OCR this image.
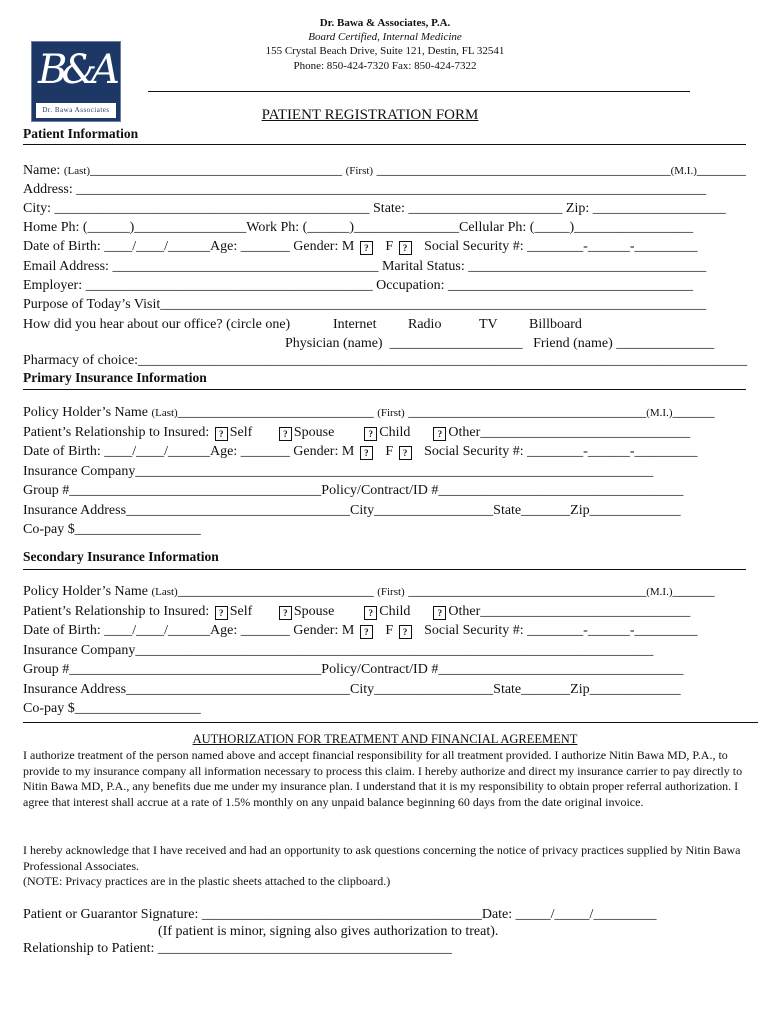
B&A
Dr. Bawa Associates
Dr. Bawa & Associates, P.A.
Board Certified, Internal Medicine
155 Crystal Beach Drive, Suite 121, Destin, FL 32541
Phone: 850-424-7320 Fax: 850-424-7322
PATIENT REGISTRATION FORM
Patient Information
Name: (Last)____________________________________ (First) __________________________________________(M.I.)_______
Address: __________________________________________________________________________________________
City: _____________________________________________ State: ______________________ Zip: ___________________
Home Ph: (______)________________Work Ph: (______)_______________Cellular Ph: (_____)_________________
Date of Birth: ____/____/______Age: _______ Gender: M ? F ? Social Security #: ________-______-_________
Email Address: ______________________________________ Marital Status: __________________________________
Employer: _________________________________________ Occupation: ___________________________________
Purpose of Today’s Visit______________________________________________________________________________
How did you hear about our office? (circle one)	Internet Radio	TV Billboard
Physician (name)  ___________________   Friend (name) ______________
Pharmacy of choice:_______________________________________________________________________________________
Primary Insurance Information
Policy Holder’s Name (Last)____________________________ (First) __________________________________(M.I.)______
Patient’s Relationship to Insured: ? Self	? Spouse	? Child	? Other______________________________
Date of Birth: ____/____/______Age: _______ Gender: M ? F ? Social Security #: ________-______-_________
Insurance Company__________________________________________________________________________
Group #____________________________________Policy/Contract/ID #___________________________________
Insurance Address________________________________City_________________State_______Zip_____________
Co-pay $__________________
Secondary Insurance Information
Policy Holder’s Name (Last)____________________________ (First) __________________________________(M.I.)______
Patient’s Relationship to Insured: ? Self	? Spouse	? Child	? Other______________________________
Date of Birth: ____/____/______Age: _______ Gender: M ? F ? Social Security #: ________-______-_________
Insurance Company__________________________________________________________________________
Group #____________________________________Policy/Contract/ID #___________________________________
Insurance Address________________________________City_________________State_______Zip_____________
Co-pay $__________________
AUTHORIZATION FOR TREATMENT AND FINANCIAL AGREEMENT
I authorize treatment of the person named above and accept financial responsibility for all treatment provided. I authorize Nitin Bawa MD, P.A., to provide to my insurance company all information necessary to process this claim. I hereby authorize and direct my insurance carrier to pay directly to Nitin Bawa MD, P.A., any benefits due me under my insurance plan. I understand that it is my responsibility to obtain proper referral authorization. I agree that interest shall accrue at a rate of 1.5% monthly on any unpaid balance beginning 60 days from the date original invoice.
I hereby acknowledge that I have received and had an opportunity to ask questions concerning the notice of privacy practices supplied by Nitin Bawa Professional Associates.
(NOTE: Privacy practices are in the plastic sheets attached to the clipboard.)
Patient or Guarantor Signature: ________________________________________Date: _____/_____/_________
(If patient is minor, signing also gives authorization to treat).
Relationship to Patient: __________________________________________
